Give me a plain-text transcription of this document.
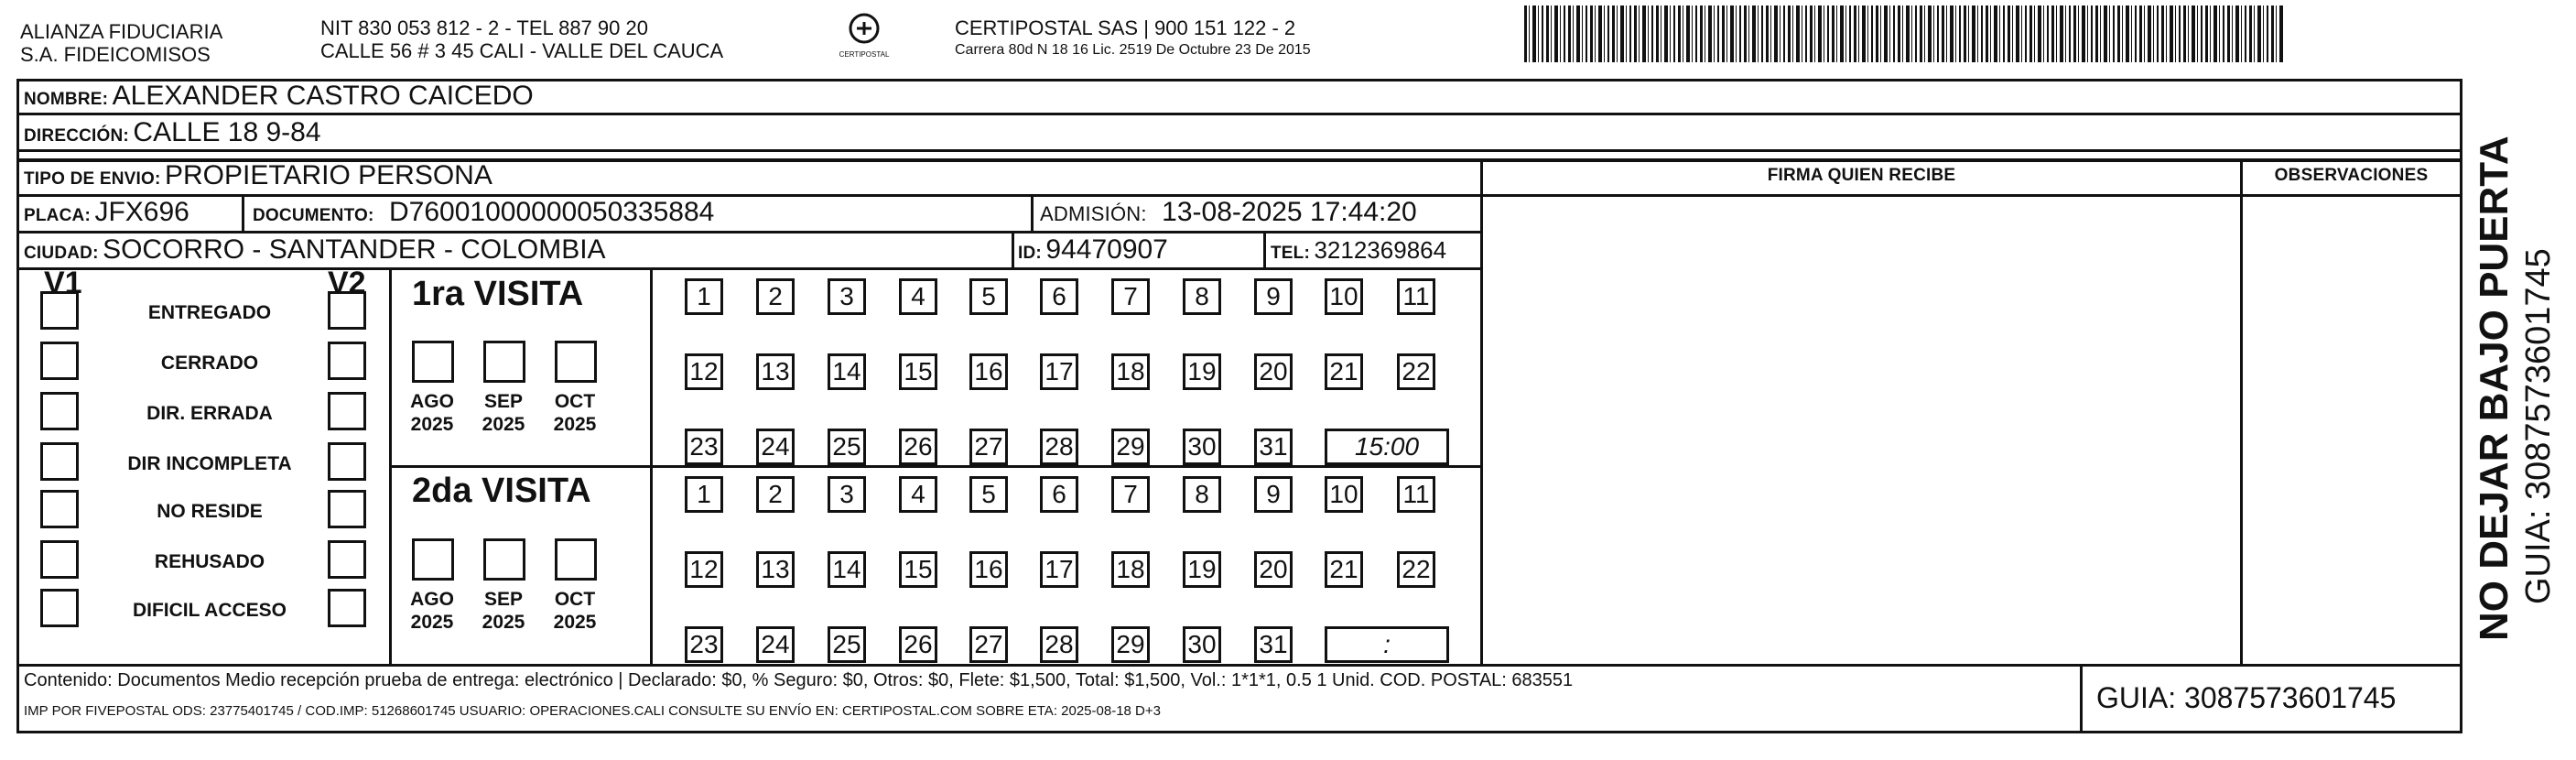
ALIANZA FIDUCIARIA
S.A. FIDEICOMISOS
NIT 830 053 812 - 2 - TEL 887 90 20
CALLE 56 # 3 45 CALI - VALLE DEL CAUCA	CERTIPOSTAL
CERTIPOSTAL SAS | 900 151 122 - 2
Carrera 80d N 18 16 Lic. 2519 De Octubre 23 De 2015
NOMBRE: ALEXANDER CASTRO CAICEDO
DIRECCIÓN: CALLE 18 9-84
TIPO DE ENVIO: PROPIETARIO PERSONA	FIRMA QUIEN RECIBE	OBSERVACIONES
PLACA: JFX696	DOCUMENTO: D76001000000050335884	ADMISIÓN: 13-08-2025 17:44:20
CIUDAD: SOCORRO - SANTANDER - COLOMBIA	ID: 94470907	TEL: 3212369864
V1	V2
ENTREGADO
CERRADO
DIR. ERRADA
DIR INCOMPLETA
NO RESIDE
REHUSADO
DIFICIL ACCESO
1ra VISITA
2da VISITA
AGO
2025
SEP
2025
OCT
2025
AGO
2025
SEP
2025
OCT
2025
1	2	3	4	5	6	7	8	9	10 11
12 13 14 15 16 17 18 19 20 21 22
23 24 25 26 27 28 29 30 31	15:00
1	2	3	4	5	6	7	8	9	10 11
12 13 14 15 16 17 18 19 20 21 22
23 24 25 26 27 28 29 30 31	:
Contenido: Documentos Medio recepción prueba de entrega: electrónico | Declarado: $0, % Seguro: $0, Otros: $0, Flete: $1,500, Total: $1,500, Vol.: 1*1*1, 0.5 1 Unid. COD. POSTAL: 683551
IMP POR FIVEPOSTAL ODS: 23775401745 / COD.IMP: 51268601745 USUARIO: OPERACIONES.CALI CONSULTE SU ENVÍO EN: CERTIPOSTAL.COM SOBRE ETA: 2025-08-18 D+3	GUIA: 3087573601745
NO DEJAR BAJO PUERTA GUIA: 3087573601745
